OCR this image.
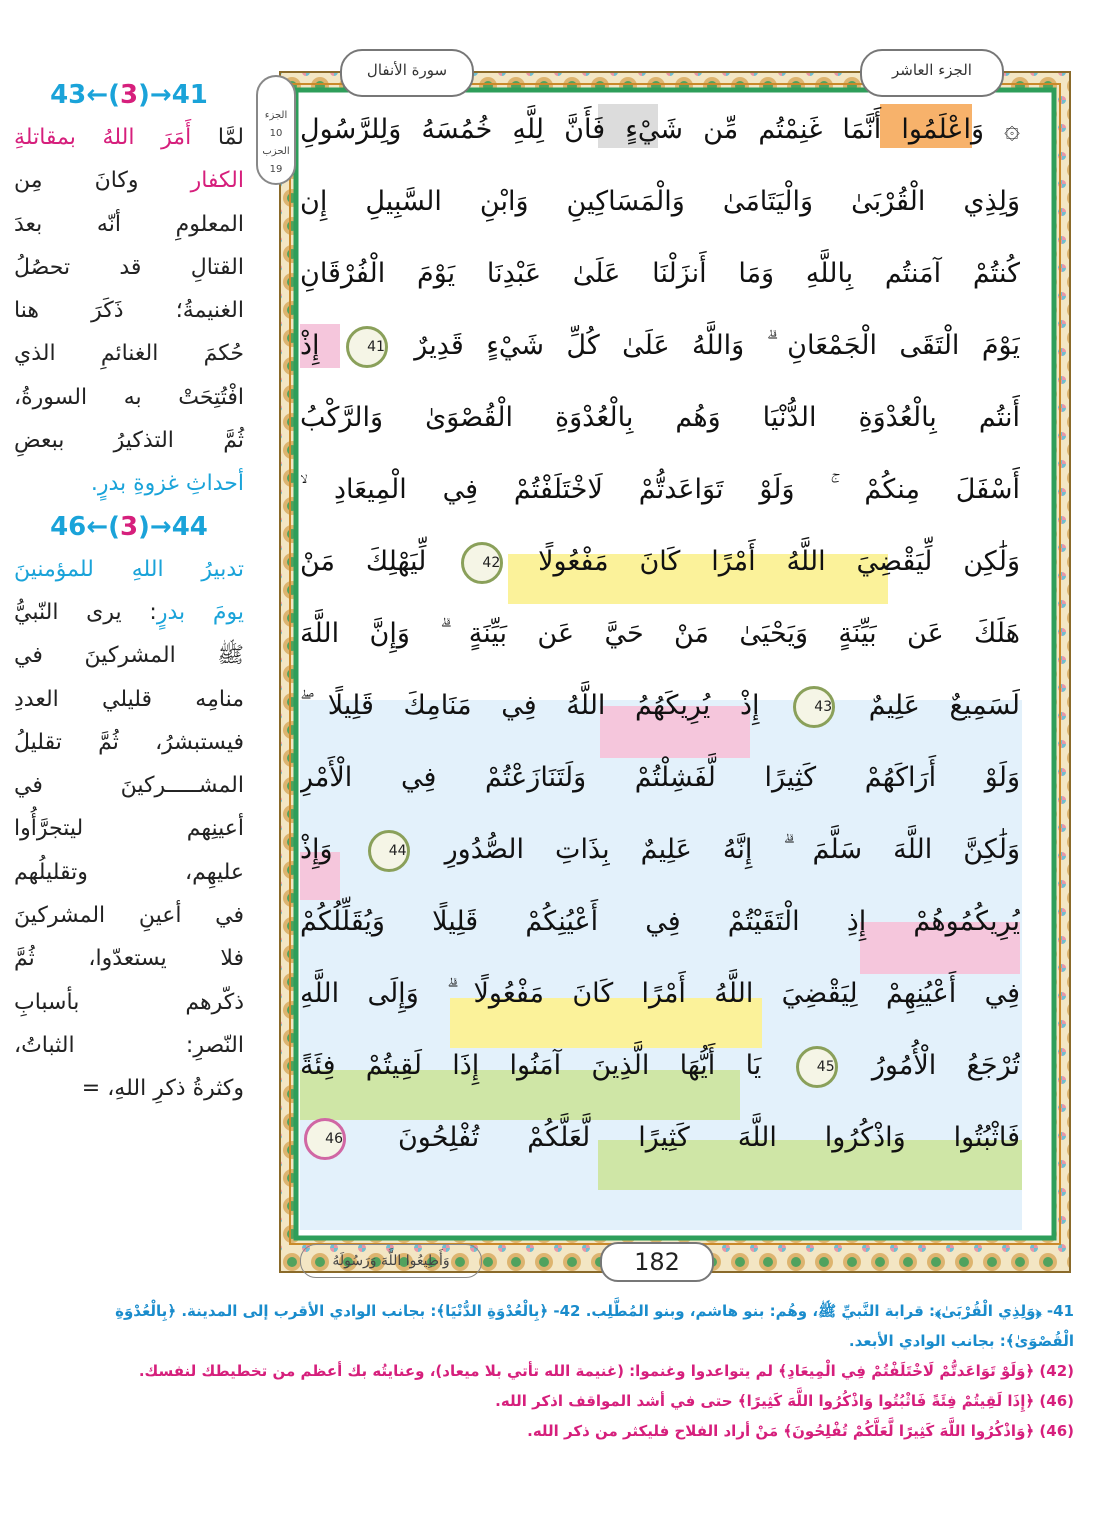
43←(3)→41
لمَّا أَمَرَ اللهُ بمقاتلةِ
الكفار وكانَ مِن
المعلومِ أنّه بعدَ
القتالِ قد تحصُلُ
الغنيمةُ؛ ذَكَرَ هنا
حُكمَ الغنائمِ الذي
افْتُتِحَتْ به السورةُ،
ثُمَّ التذكيرُ ببعضِ
أحداثِ غزوةِ بدرٍ.
46←(3)→44
تدبيرُ اللهِ للمؤمنينَ
يومَ بدرٍ: يرى النّبيُّ
ﷺ المشركينَ في
منامِه قليلي العددِ
فيستبشرُ، ثُمَّ تقليلُ
المشـــــركينَ في
أعينِهم ليتجرَّأُوا
عليهِم، وتقليلُهم
في أعينِ المشركينَ
فلا يستعدّوا، ثُمَّ
ذكّرهم بأسبابِ
النّصرِ: الثباتُ،
وكثرةُ ذكرِ اللهِ، =
سورة الأنفال	الجزء العاشر
الجزء 10
الحزب 19
۞ وَاعْلَمُوا أَنَّمَا غَنِمْتُم مِّن شَيْءٍ فَأَنَّ لِلَّهِ خُمُسَهُ وَلِلرَّسُولِ
وَلِذِي الْقُرْبَىٰ وَالْيَتَامَىٰ وَالْمَسَاكِينِ وَابْنِ السَّبِيلِ إِن
كُنتُمْ آمَنتُم بِاللَّهِ وَمَا أَنزَلْنَا عَلَىٰ عَبْدِنَا يَوْمَ الْفُرْقَانِ
يَوْمَ الْتَقَى الْجَمْعَانِ ۗ وَاللَّهُ عَلَىٰ كُلِّ شَيْءٍ قَدِيرٌ 41 إِذْ
أَنتُم بِالْعُدْوَةِ الدُّنْيَا وَهُم بِالْعُدْوَةِ الْقُصْوَىٰ وَالرَّكْبُ
أَسْفَلَ مِنكُمْ ۚ وَلَوْ تَوَاعَدتُّمْ لَاخْتَلَفْتُمْ فِي الْمِيعَادِ ۙ
وَلَٰكِن لِّيَقْضِيَ اللَّهُ أَمْرًا كَانَ مَفْعُولًا 42 لِّيَهْلِكَ مَنْ
هَلَكَ عَن بَيِّنَةٍ وَيَحْيَىٰ مَنْ حَيَّ عَن بَيِّنَةٍ ۗ وَإِنَّ اللَّهَ
لَسَمِيعٌ عَلِيمٌ 43 إِذْ يُرِيكَهُمُ اللَّهُ فِي مَنَامِكَ قَلِيلًا ۖ
وَلَوْ أَرَاكَهُمْ كَثِيرًا لَّفَشِلْتُمْ وَلَتَنَازَعْتُمْ فِي الْأَمْرِ
وَلَٰكِنَّ اللَّهَ سَلَّمَ ۗ إِنَّهُ عَلِيمٌ بِذَاتِ الصُّدُورِ 44 وَإِذْ
يُرِيكُمُوهُمْ إِذِ الْتَقَيْتُمْ فِي أَعْيُنِكُمْ قَلِيلًا وَيُقَلِّلُكُمْ
فِي أَعْيُنِهِمْ لِيَقْضِيَ اللَّهُ أَمْرًا كَانَ مَفْعُولًا ۗ وَإِلَى اللَّهِ
تُرْجَعُ الْأُمُورُ 45 يَا أَيُّهَا الَّذِينَ آمَنُوا إِذَا لَقِيتُمْ فِئَةً
فَاثْبُتُوا وَاذْكُرُوا اللَّهَ كَثِيرًا لَّعَلَّكُمْ تُفْلِحُونَ 46
وَأَطِيعُوا اللَّهَ وَرَسُولَهُ	182
41- ﴿وَلِذِي الْقُرْبَىٰ﴾: قرابة النَّبيِّ ﷺ، وهُم: بنو هاشم، وبنو المُطَّلِب. 42- ﴿بِالْعُدْوَةِ الدُّنْيَا﴾: بجانب الوادي الأقرب إلى المدينة. ﴿بِالْعُدْوَةِ
الْقُصْوَىٰ﴾: بجانب الوادي الأبعد.
(42) ﴿وَلَوْ تَوَاعَدتُّمْ لَاخْتَلَفْتُمْ فِي الْمِيعَادِ﴾ لم يتواعدوا وغنموا: (غنيمة الله تأتي بلا ميعاد)، وعنايتُه بك أعظم من تخطيطك لنفسك.
(46) ﴿إِذَا لَقِيتُمْ فِئَةً فَاثْبُتُوا وَاذْكُرُوا اللَّهَ كَثِيرًا﴾ حتى في أشد المواقف اذكر الله.
(46) ﴿وَاذْكُرُوا اللَّهَ كَثِيرًا لَّعَلَّكُمْ تُفْلِحُونَ﴾ مَنْ أراد الفلاح فليكثر من ذكر الله.
